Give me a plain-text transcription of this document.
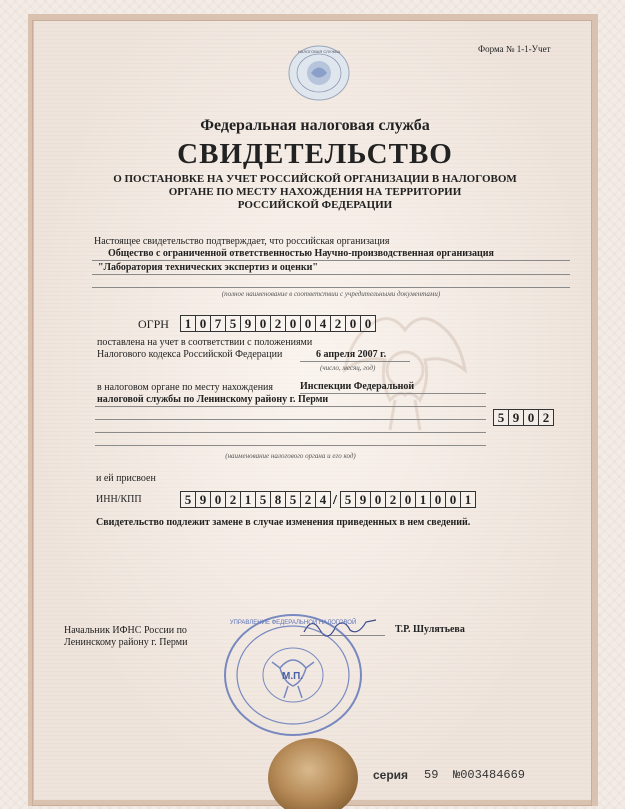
НАЛОГОВАЯ СЛУЖБА	Форма № 1-1-Учет
Федеральная налоговая служба
СВИДЕТЕЛЬСТВО
О ПОСТАНОВКЕ НА УЧЕТ РОССИЙСКОЙ ОРГАНИЗАЦИИ В НАЛОГОВОМ
ОРГАНЕ ПО МЕСТУ НАХОЖДЕНИЯ НА ТЕРРИТОРИИ
РОССИЙСКОЙ ФЕДЕРАЦИИ
Настоящее свидетельство подтверждает, что российская организация
Общество с ограниченной ответственностью Научно-производственная организация
"Лаборатория технических экспертиз и оценки"
(полное наименование в соответствии с учредительными документами)
ОГРН	1 0 7 5 9 0 2 0 0 4 2 0 0
поставлена на учет в соответствии с положениями
Налогового кодекса Российской Федерации	6 апреля 2007 г.
(число, месяц, год)
в налоговом органе по месту нахождения	Инспекции Федеральной
налоговой службы по Ленинскому району г. Перми
5 9 0 2
(наименование налогового органа и его код)
и ей присвоен
ИНН/КПП	5 9 0 2 1 5 8 5 2 4 / 5 9 0 2 0 1 0 0 1
Свидетельство подлежит замене в случае изменения приведенных в нем сведений.
Начальник ИФНС России по
Ленинскому району г. Перми
Т.Р. Шулятьева
УПРАВЛЕНИЕ ФЕДЕРАЛЬНОЙ НАЛОГОВОЙ
М.П.
серия 59 №003484669
